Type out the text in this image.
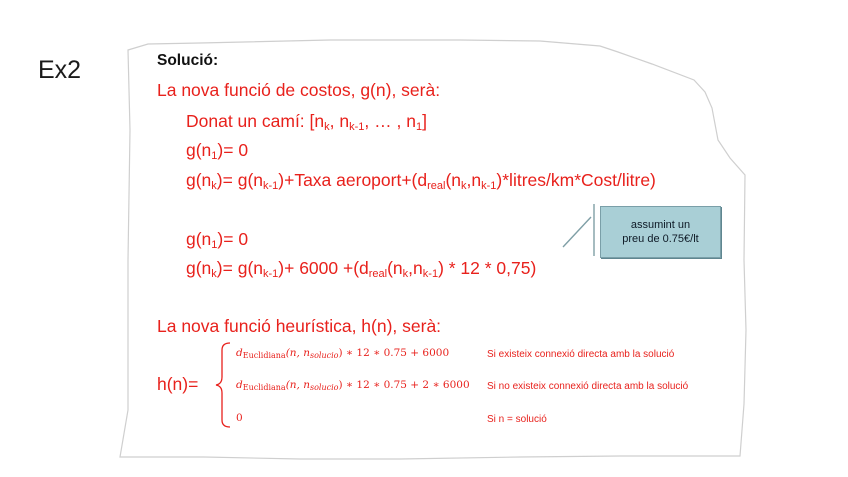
Ex2	Solució:
La nova funció de costos, g(n), serà:
Donat un camí: [$n_k$, $n_{k-1}$, … , $n_1$]
$g(n_1)= 0$
$g(n_k)=$ $g(n_{k-1})+Taxa$ $aeroport+(d_{real}(n_k,n_{k-1})*litres/km*Cost/litre)$
assumint un
preu de 0.75€/lt
$g(n_1)= 0$
$g(n_k)= g(n_{k-1})+ 6000 +(d_{real}(n_k,n_{k-1}) * 12 * 0,75)$
La nova funció heurística, h(n), serà:
h(n)=
$d_{Euclidiana}(n$, $n_{solucio}$) ∗ 12 ∗ 0.75 + 6000	Si existeix connexió directa amb la solució
$d_{Euclidiana}(n$, $n_{solucio}$) ∗ 12 ∗ 0.75 + 2 ∗ 6000 Si no existeix connexió directa amb la solució
0	Si n = solució
